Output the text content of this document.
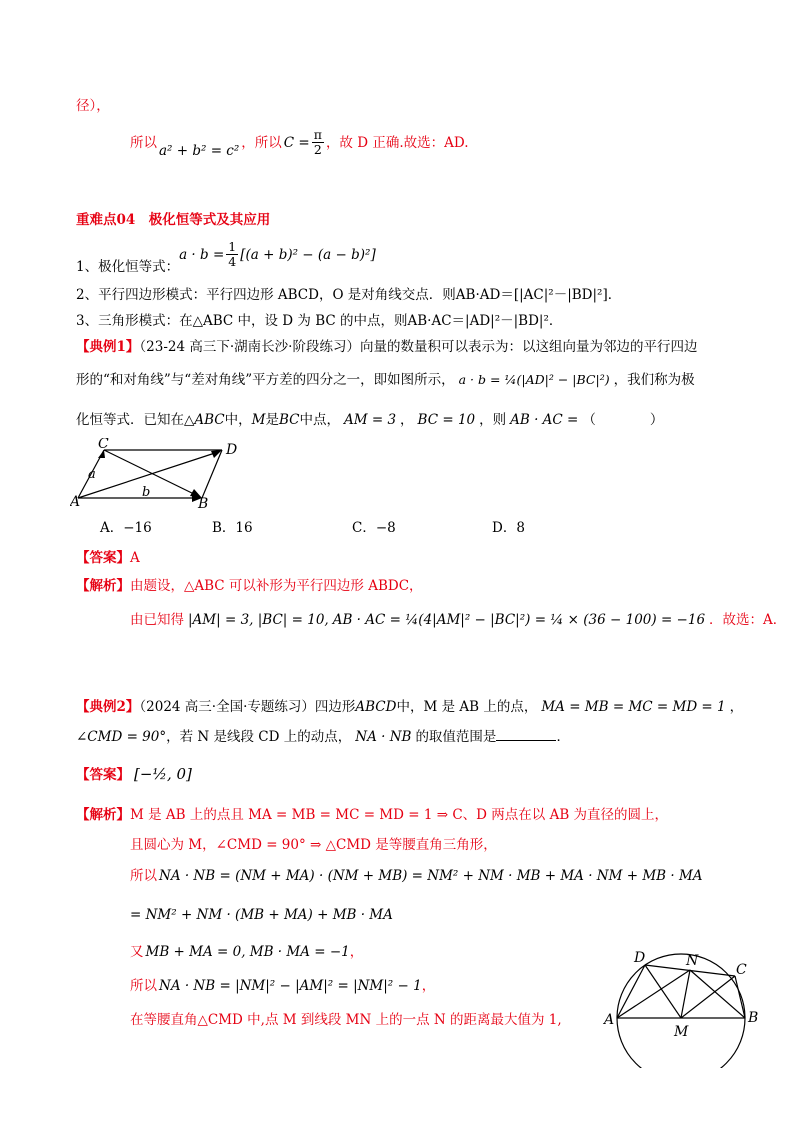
径），
所以 a² + b² = c² ，所以 $C = \frac{\pi}{2}$ ，故 D 正确.故选：AD.
重难点04　极化恒等式及其应用
1、极化恒等式：
$a \cdot b = \frac{1}{4} [(a + b)^2 - (a - b)^2]$
2、平行四边形模式：平行四边形 ABCD，O 是对角线交点．则AB·AD＝[|AC|²－|BD|²]．
3、三角形模式：在△ABC 中，设 D 为 BC 的中点，则AB·AC＝|AD|²－|BD|²．
【典例1】（23-24 高三下·湖南长沙·阶段练习）向量的数量积可以表示为：以这组向量为邻边的平行四边
形的“和对角线”与“差对角线”平方差的四分之一，即如图所示， a · b = ¼(|AD|² − |BC|²) ，我们称为极
化恒等式．已知在△ABC中，M是BC中点， AM = 3 ， BC = 10 ，则 AB · AC = （　　　　）
C	D
A	B
a
b
A．−16	B．16	C．−8	D．8
【答案】A
【解析】由题设，△ABC 可以补形为平行四边形 ABDC，
由已知得 |AM| = 3, |BC| = 10, AB · AC = ¼(4|AM|² − |BC|²) = ¼ × (36 − 100) = −16 ．故选：A．
【典例2】（2024 高三·全国·专题练习）四边形ABCD中，M 是 AB 上的点， MA = MB = MC = MD = 1 ，
∠CMD = 90°，若 N 是线段 CD 上的动点， NA · NB 的取值范围是	．
【答案】 [−½, 0]
【解析】M 是 AB 上的点且 MA = MB = MC = MD = 1 ⇒ C、D 两点在以 AB 为直径的圆上，
且圆心为 M，∠CMD = 90° ⇒ △CMD 是等腰直角三角形，
所以 NA · NB = (NM + MA) · (NM + MB) = NM² + NM · MB + MA · NM + MB · MA
= NM² + NM · (MB + MA) + MB · MA
又 MB + MA = 0, MB · MA = −1，
所以 NA · NB = |NM|² − |AM|² = |NM|² − 1，
在等腰直角△CMD 中,点 M 到线段 MN 上的一点 N 的距离最大值为 1,
D	N
C
A
M
B
